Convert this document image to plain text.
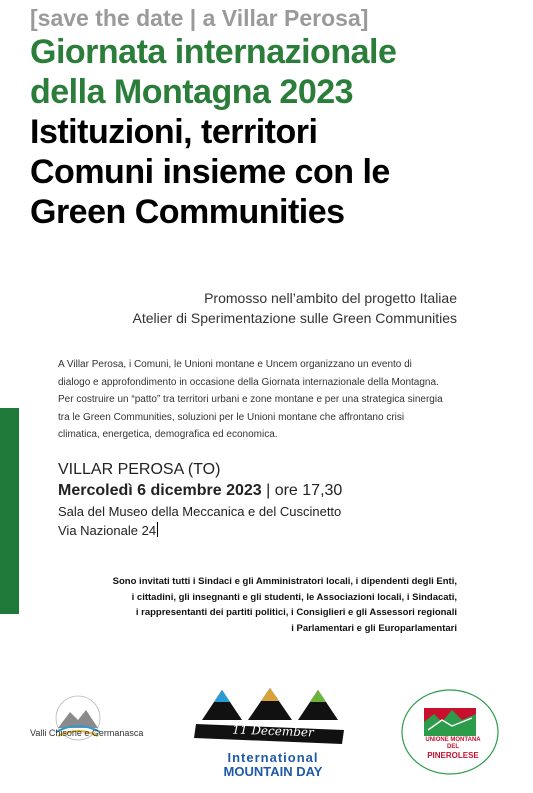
[save the date | a Villar Perosa]

Giornata internazionale

della Montagna 2023

Istituzioni, territori

Comuni insieme con le

Green Communities

Promosso nell’ambito del progetto Italiae
Atelier di Sperimentazione sulle Green Communities
A Villar Perosa, i Comuni, le Unioni montane e Uncem organizzano un evento di
dialogo e approfondimento in occasione della Giornata internazionale della Montagna.
Per costruire un “patto” tra territori urbani e zone montane e per una strategica sinergia
tra le Green Communities, soluzioni per le Unioni montane che affrontano crisi
climatica, energetica, demografica ed economica.

VILLAR PEROSA (TO)

Mercoledì 6 dicembre 2023 | ore 17,30

Sala del Museo della Meccanica e del Cuscinetto

Via Nazionale 24

Sono invitati tutti i Sindaci e gli Amministratori locali, i dipendenti degli Enti,
i cittadini, gli insegnanti e gli studenti, le Associazioni locali, i Sindacati,
i rappresentanti dei partiti politici, i Consiglieri e gli Assessori regionali
i Parlamentari e gli Europarlamentari
Valli Chisone e Germanasca	11 December
International
MOUNTAIN DAY
UNIONE MONTANA DEL
PINEROLESE
